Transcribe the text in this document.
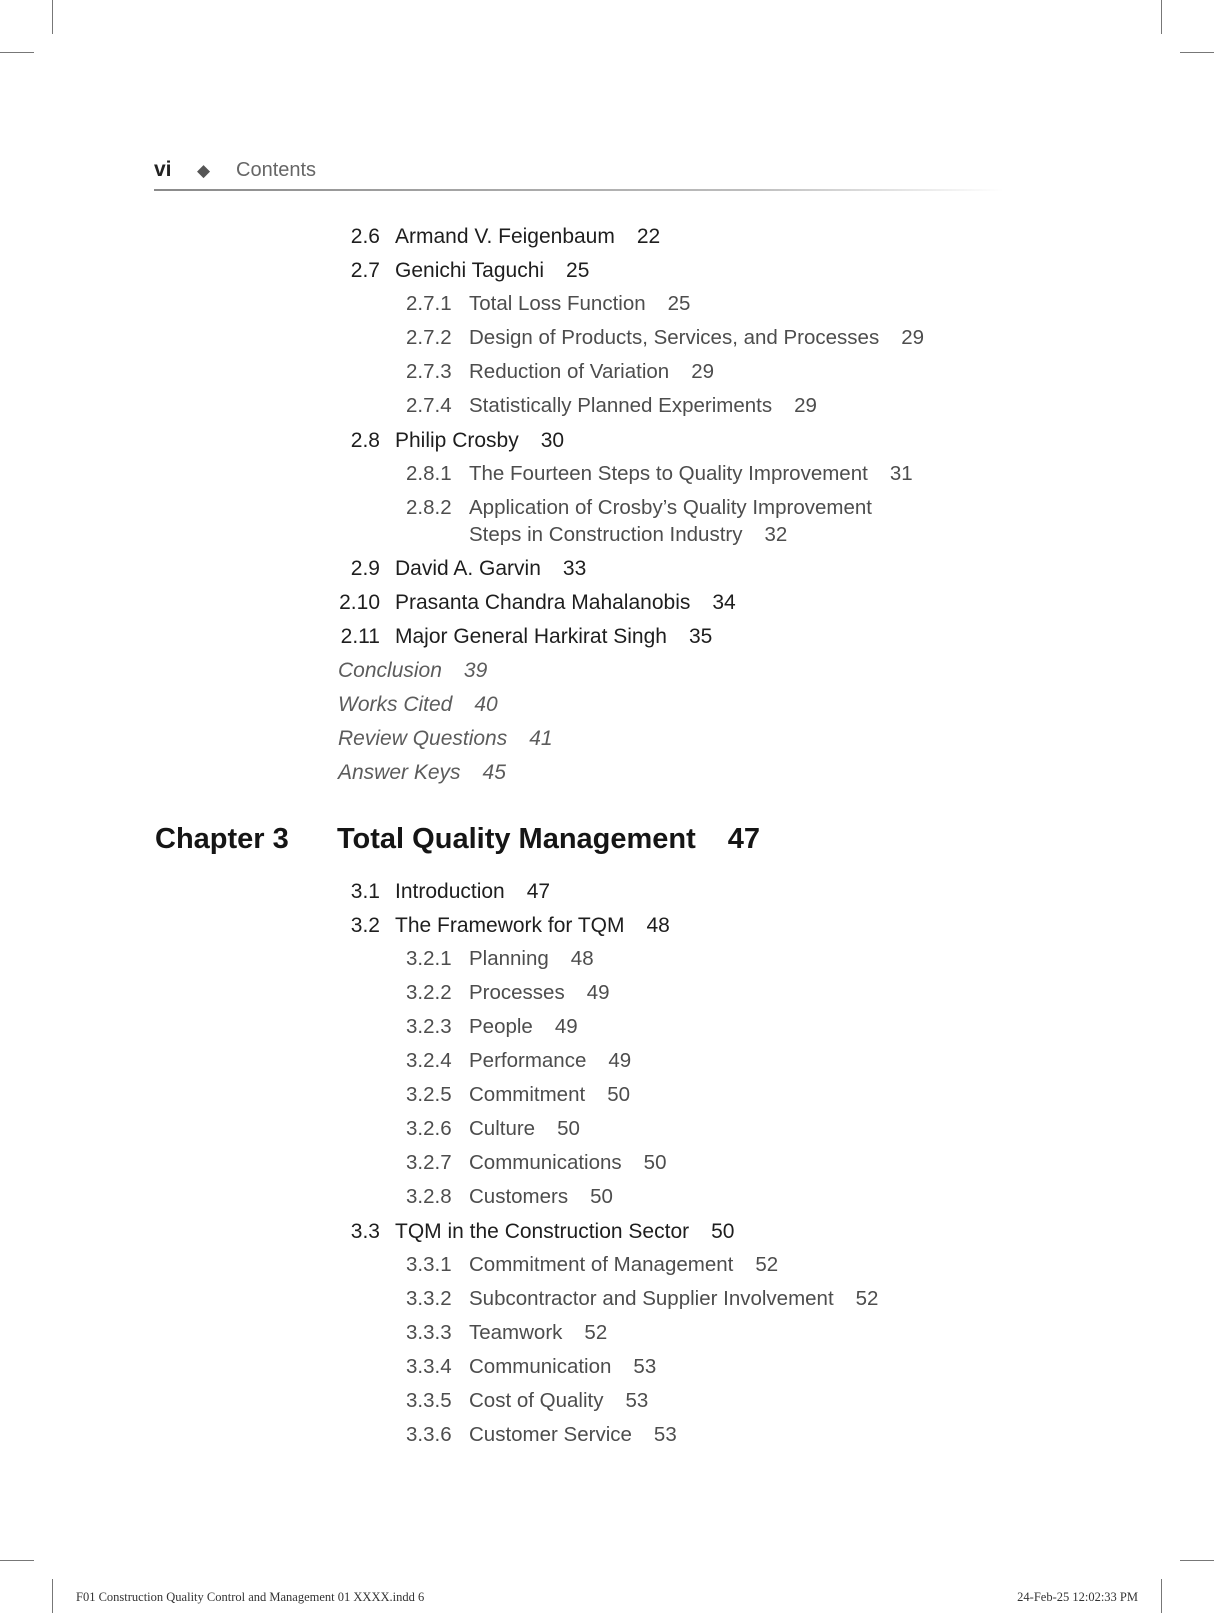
vi ◆ Contents
2.6 Armand V. Feigenbaum 22
2.7 Genichi Taguchi 25
2.7.1 Total Loss Function 25
2.7.2 Design of Products, Services, and Processes 29
2.7.3 Reduction of Variation 29
2.7.4 Statistically Planned Experiments 29
2.8 Philip Crosby 30
2.8.1 The Fourteen Steps to Quality Improvement 31
2.8.2 Application of Crosby’s Quality Improvement
Steps in Construction Industry 32
2.9 David A. Garvin 33
2.10 Prasanta Chandra Mahalanobis 34
2.11 Major General Harkirat Singh 35
Conclusion 39
Works Cited 40
Review Questions 41
Answer Keys 45
3.1 Introduction 47
3.2 The Framework for TQM 48
3.2.1 Planning 48
3.2.2 Processes 49
3.2.3 People 49
3.2.4 Performance 49
3.2.5 Commitment 50
3.2.6 Culture 50
3.2.7 Communications 50
3.2.8 Customers 50
3.3 TQM in the Construction Sector 50
3.3.1 Commitment of Management 52
3.3.2 Subcontractor and Supplier Involvement 52
3.3.3 Teamwork 52
3.3.4 Communication 53
3.3.5 Cost of Quality 53
3.3.6 Customer Service 53
Chapter 3 Total Quality Management 47
F01 Construction Quality Control and Management 01 XXXX.indd 6	24-Feb-25 12:02:33 PM
